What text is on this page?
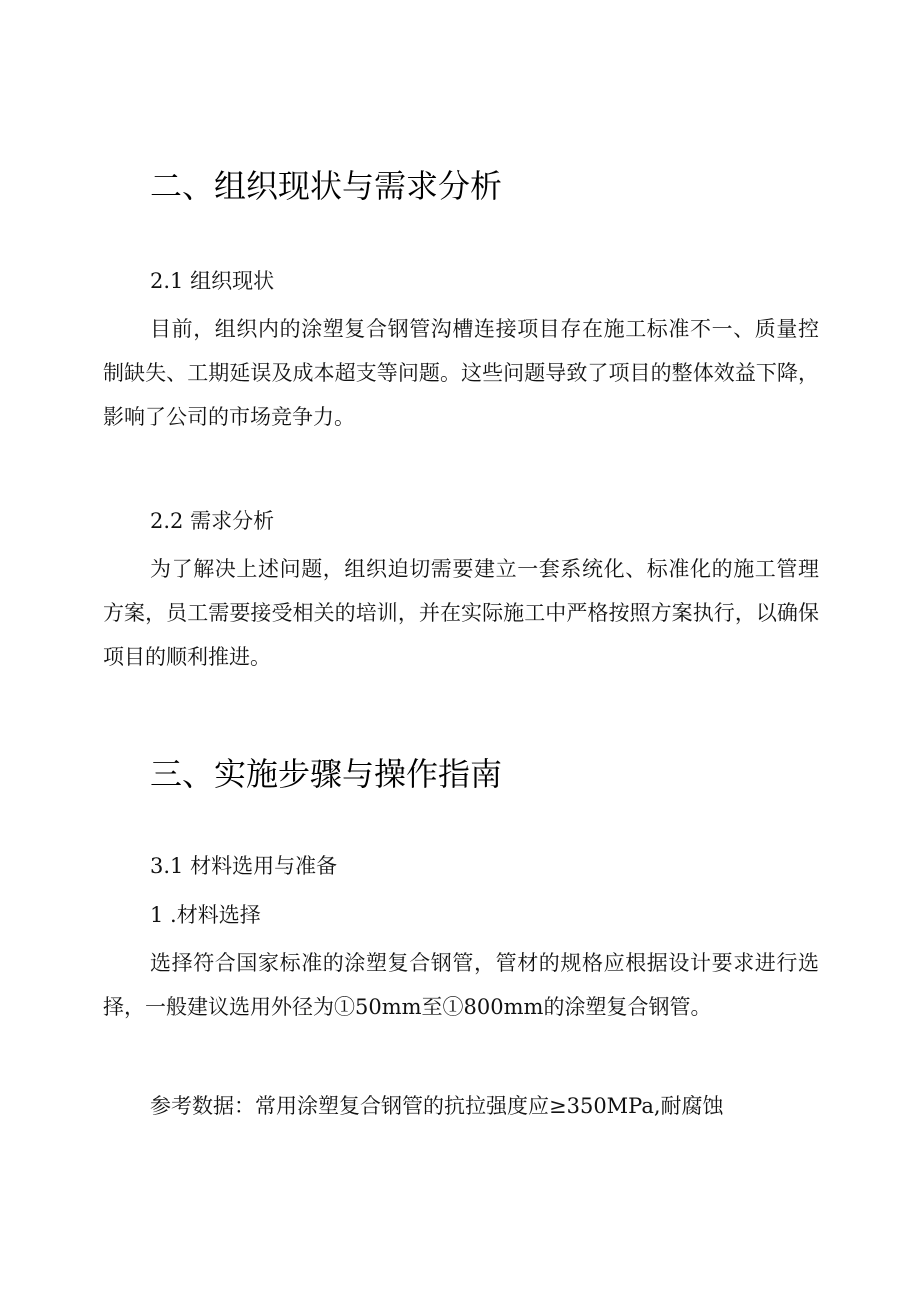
二、组织现状与需求分析
2.1 组织现状

目前，组织内的涂塑复合钢管沟槽连接项目存在施工标准不一、质量控制缺失、工期延误及成本超支等问题。这些问题导致了项目的整体效益下降，影响了公司的市场竞争力。

2.2 需求分析

为了解决上述问题，组织迫切需要建立一套系统化、标准化的施工管理方案，员工需要接受相关的培训，并在实际施工中严格按照方案执行，以确保项目的顺利推进。

三、实施步骤与操作指南
3.1 材料选用与准备
1 .材料选择

选择符合国家标准的涂塑复合钢管，管材的规格应根据设计要求进行选择，一般建议选用外径为①50mm至①800mm的涂塑复合钢管。

参考数据：常用涂塑复合钢管的抗拉强度应≥350MPa,耐腐蚀
